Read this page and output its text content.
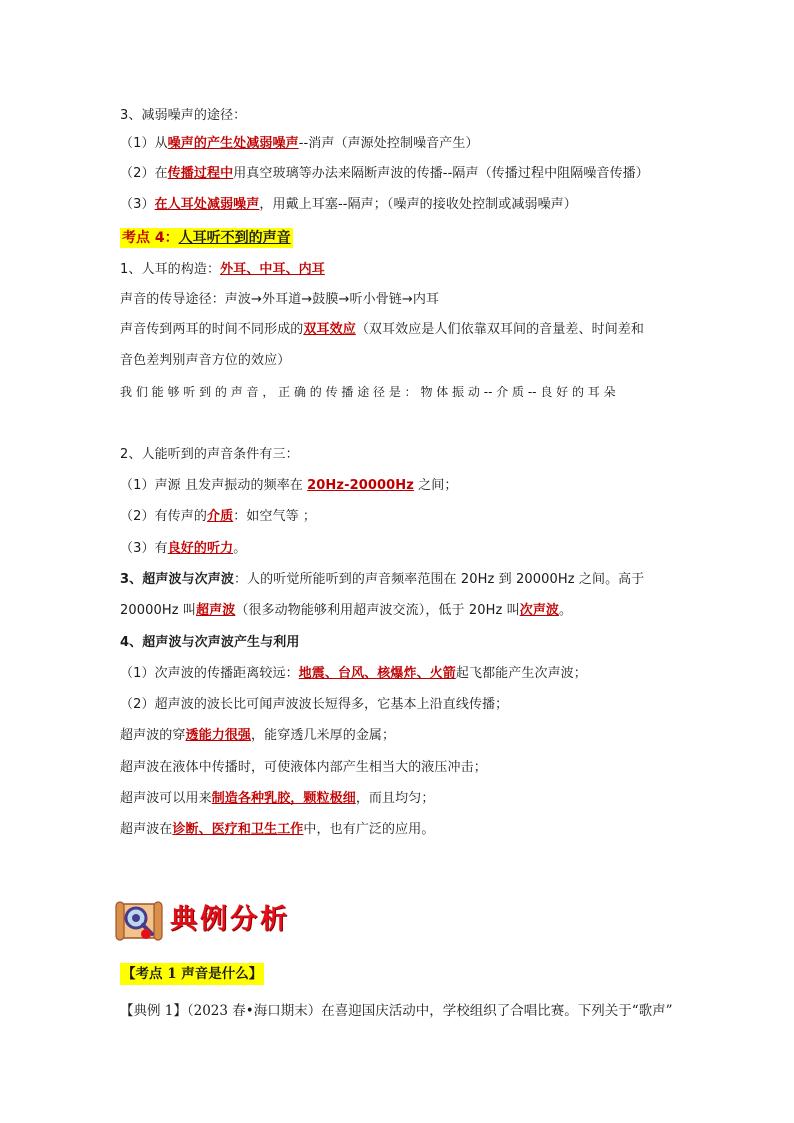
3、减弱噪声的途径：
（1）从噪声的产生处减弱噪声--消声（声源处控制噪音产生）
（2）在传播过程中用真空玻璃等办法来隔断声波的传播--隔声（传播过程中阻隔噪音传播）
（3）在人耳处减弱噪声，用戴上耳塞--隔声；（噪声的接收处控制或减弱噪声）
考点 4：人耳听不到的声音
1、人耳的构造：外耳、中耳、内耳
声音的传导途径：声波→外耳道→鼓膜→听小骨链→内耳
声音传到两耳的时间不同形成的双耳效应（双耳效应是人们依靠双耳间的音量差、时间差和
音色差判别声音方位的效应）
我 们 能 够 听 到 的 声 音 ， 正 确 的 传 播 途 径 是 ： 物 体 振 动 -- 介 质 -- 良 好 的 耳 朵
2、人能听到的声音条件有三：
（1）声源 且发声振动的频率在 20Hz-20000Hz 之间；
（2）有传声的介质：如空气等 ；
（3）有良好的听力。
3、超声波与次声波：人的听觉所能听到的声音频率范围在 20Hz 到 20000Hz 之间。高于
20000Hz 叫超声波（很多动物能够利用超声波交流），低于 20Hz 叫次声波。
4、超声波与次声波产生与利用
（1）次声波的传播距离较远：地震、台风、核爆炸、火箭起飞都能产生次声波；
（2）超声波的波长比可闻声波波长短得多，它基本上沿直线传播；
超声波的穿透能力很强，能穿透几米厚的金属；
超声波在液体中传播时，可使液体内部产生相当大的液压冲击；
超声波可以用来制造各种乳胶，颗粒极细，而且均匀；
超声波在诊断、医疗和卫生工作中，也有广泛的应用。
典例分析
【考点 1 声音是什么】
【典例 1】（2023 春•海口期末）在喜迎国庆活动中，学校组织了合唱比赛。下列关于“歌声”
